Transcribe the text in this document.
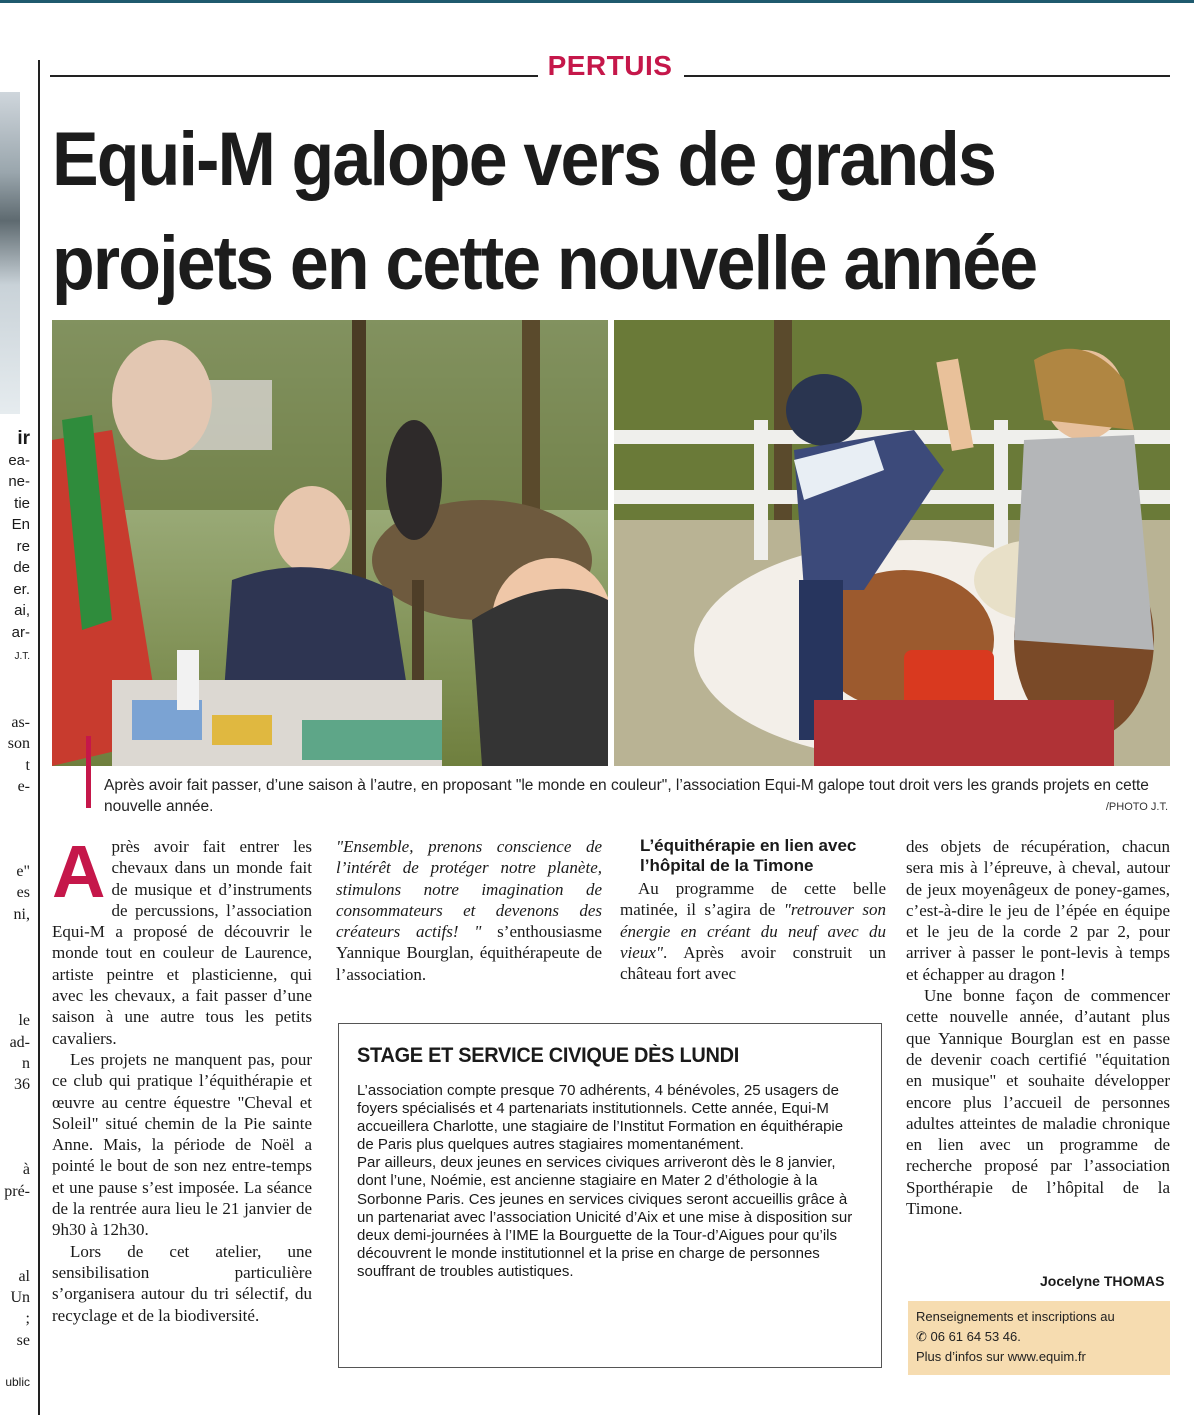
ir
ea-
ne-
tie
En
re
de
er.
ai,
ar-
J.T.
as-
son
t
e-
e"
es
ni,
le
ad-
n
36
à
pré-
al
Un
;
se
ublic
PERTUIS
Equi-M galope vers de grands
projets en cette nouvelle année

Après avoir fait passer, d’une saison à l’autre, en proposant "le monde en couleur", l’association Equi-M galope tout droit vers les grands projets en cette nouvelle année.	/PHOTO J.T.

Après avoir fait entrer les chevaux dans un monde fait de musique et d’instruments de percussions, l’association Equi-M a proposé de découvrir le monde tout en couleur de Laurence, artiste peintre et plasticienne, qui avec les chevaux, a fait passer d’une saison à une autre tous les petits cavaliers.

Les projets ne manquent pas, pour ce club qui pratique l’équithérapie et œuvre au centre équestre "Cheval et Soleil" situé chemin de la Pie sainte Anne. Mais, la période de Noël a pointé le bout de son nez entre-temps et une pause s’est imposée. La séance de la rentrée aura lieu le 21 janvier de 9h30 à 12h30.

Lors de cet atelier, une sensibilisation particulière s’organisera autour du tri sélectif, du recyclage et de la biodiversité.

"Ensemble, prenons conscience de l’intérêt de protéger notre planète, stimulons notre imagination de consommateurs et devenons des créateurs actifs! " s’enthousiasme Yannique Bourglan, équithérapeute de l’association.

L’équithérapie en lien avec l’hôpital de la Timone

Au programme de cette belle matinée, il s’agira de "retrouver son énergie en créant du neuf avec du vieux". Après avoir construit un château fort avec

des objets de récupération, chacun sera mis à l’épreuve, à cheval, autour de jeux moyenâgeux de poney-games, c’est-à-dire le jeu de l’épée en équipe et le jeu de la corde 2 par 2, pour arriver à passer le pont-levis à temps et échapper au dragon !

Une bonne façon de commencer cette nouvelle année, d’autant plus que Yannique Bourglan est en passe de devenir coach certifié "équitation en musique" et souhaite développer encore plus l’accueil de personnes adultes atteintes de maladie chronique en lien avec un programme de recherche proposé par l’association Sporthérapie de l’hôpital de la Timone.

Jocelyne THOMAS
STAGE ET SERVICE CIVIQUE DÈS LUNDI

L’association compte presque 70 adhérents, 4 bénévoles, 25 usagers de foyers spécialisés et 4 partenariats institutionnels. Cette année, Equi-M accueillera Charlotte, une stagiaire de l’Institut Formation en équithérapie de Paris plus quelques autres stagiaires momentanément.

Par ailleurs, deux jeunes en services civiques arriveront dès le 8 janvier, dont l’une, Noémie, est ancienne stagiaire en Mater 2 d’éthologie à la Sorbonne Paris. Ces jeunes en services civiques seront accueillis grâce à un partenariat avec l’association Unicité d’Aix et une mise à disposition sur deux demi-journées à l’IME la Bourguette de la Tour-d’Aigues pour qu’ils découvrent le monde institutionnel et la prise en charge de personnes souffrant de troubles autistiques.

Renseignements et inscriptions au
✆ 06 61 64 53 46.
Plus d’infos sur www.equim.fr
